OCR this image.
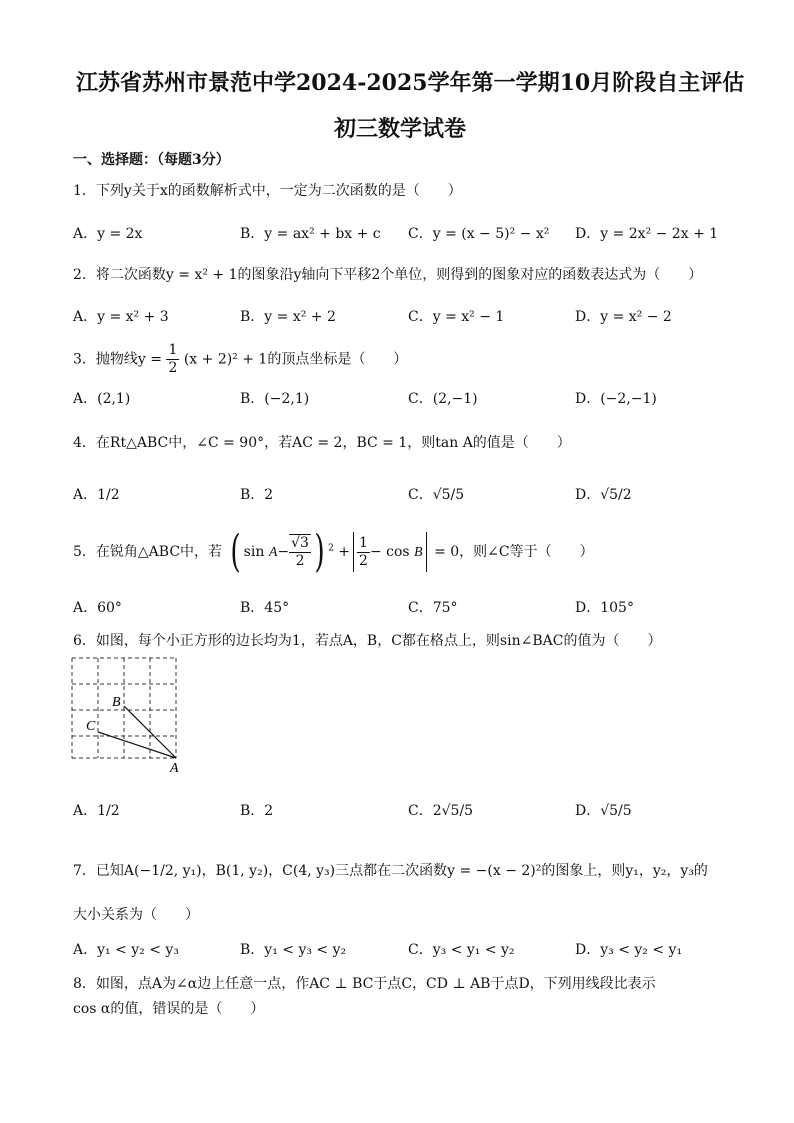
江苏省苏州市景范中学2024-2025学年第一学期10月阶段自主评估
初三数学试卷
一、选择题：（每题3分）
1．下列y关于x的函数解析式中，一定为二次函数的是（　　）
A．y = 2x	B．y = ax² + bx + c C．y = (x − 5)² − x² D．y = 2x² − 2x + 1
2．将二次函数y = x² + 1的图象沿y轴向下平移2个单位，则得到的图象对应的函数表达式为（　　）
A．y = x² + 3	B．y = x² + 2	C．y = x² − 1	D．y = x² − 2
3．抛物线$y = \frac{1}{2} (x + 2)^2 + 1$的顶点坐标是（　　）
A．(2,1)	B．(−2,1)	C．(2,−1)	D．(−2,−1)
4．在Rt△ABC中，∠C = 90°，若AC = 2，BC = 1，则tan A的值是（　　）
A．1/2	B．2	C．√5/5	D．√5/2
5．在锐角△ABC中，若 ( $\sin A- \frac{√3}{2}$ ) $^2 + \frac{1}{2} - \cos B = 0$，则∠C等于（　　）
A．60°	B．45°	C．75°	D．105°
6．如图，每个小正方形的边长均为1，若点A，B，C都在格点上，则sin∠BAC的值为（　　）
B
C
A
A．1/2	B．2	C．2√5/5	D．√5/5
7．已知A(−1/2, y₁)，B(1, y₂)，C(4, y₃)三点都在二次函数y = −(x − 2)²的图象上，则y₁，y₂，y₃的
大小关系为（　　）
A．y₁ < y₂ < y₃	B．y₁ < y₃ < y₂	C．y₃ < y₁ < y₂	D．y₃ < y₂ < y₁
8．如图，点A为∠α边上任意一点，作AC ⊥ BC于点C，CD ⊥ AB于点D，下列用线段比表示
cos α的值，错误的是（　　）
